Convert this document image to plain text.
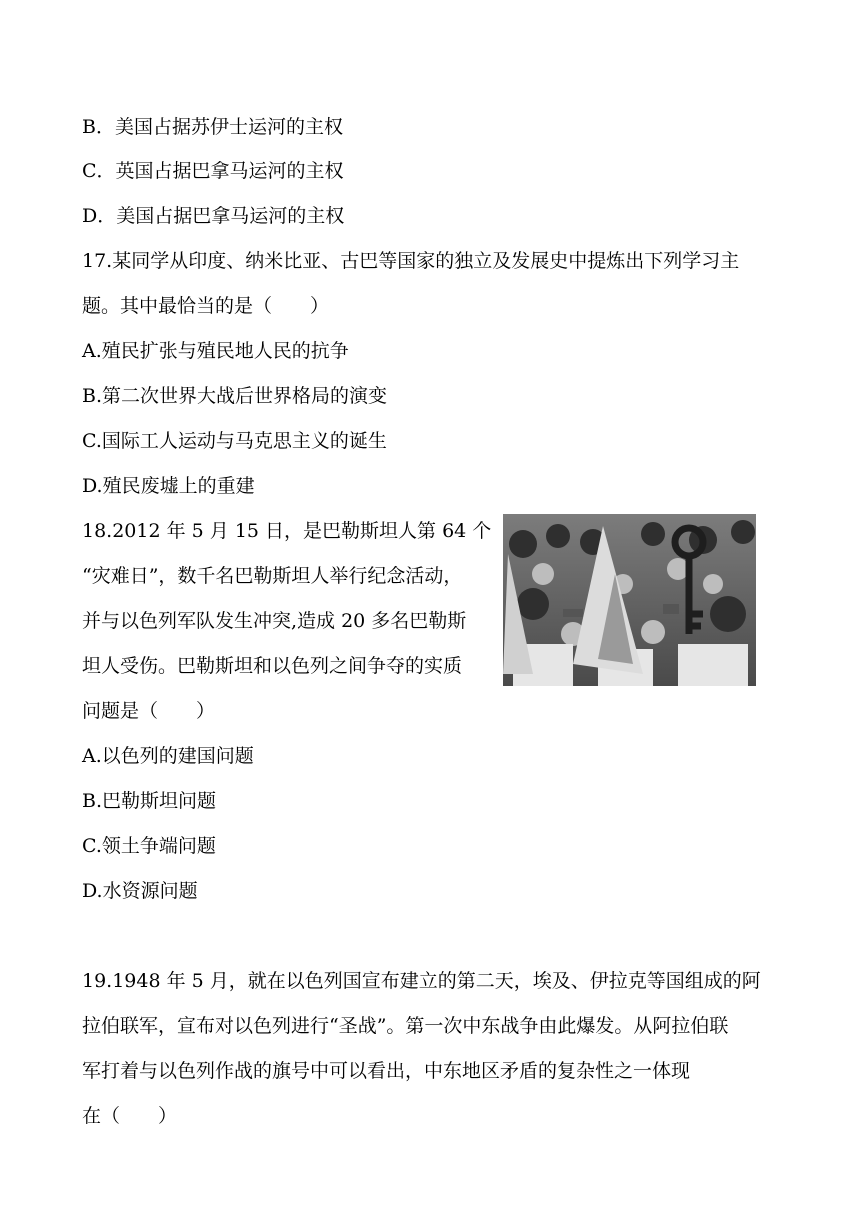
B．美国占据苏伊士运河的主权
C．英国占据巴拿马运河的主权
D．美国占据巴拿马运河的主权
17.某同学从印度、纳米比亚、古巴等国家的独立及发展史中提炼出下列学习主
题。其中最恰当的是（　　）
A.殖民扩张与殖民地人民的抗争
B.第二次世界大战后世界格局的演变
C.国际工人运动与马克思主义的诞生
D.殖民废墟上的重建
18.2012 年 5 月 15 日，是巴勒斯坦人第 64 个
“灾难日”，数千名巴勒斯坦人举行纪念活动，
并与以色列军队发生冲突,造成 20 多名巴勒斯
坦人受伤。巴勒斯坦和以色列之间争夺的实质
问题是（　　）
A.以色列的建国问题
B.巴勒斯坦问题
C.领土争端问题
D.水资源问题
19.1948 年 5 月，就在以色列国宣布建立的第二天，埃及、伊拉克等国组成的阿
拉伯联军，宣布对以色列进行“圣战”。第一次中东战争由此爆发。从阿拉伯联
军打着与以色列作战的旗号中可以看出，中东地区矛盾的复杂性之一体现
在（　　）
